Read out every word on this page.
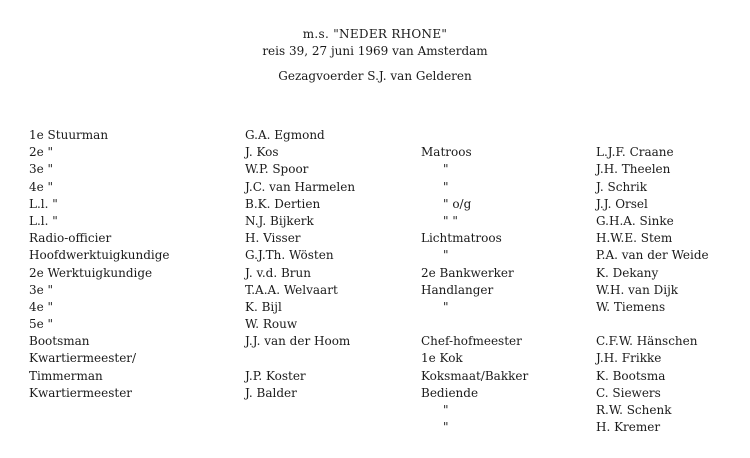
m.s. "NEDER RHONE"
reis 39, 27 juni 1969 van Amsterdam
Gezagvoerder S.J. van Gelderen
1e Stuurman
2e "
3e "
4e "
L.l. "
L.l. "
Radio-officier
Hoofdwerktuigkundige
2e Werktuigkundige
3e "
4e "
5e "
Bootsman
Kwartiermeester/
Timmerman
Kwartiermeester
G.A. Egmond
J. Kos
W.P. Spoor
J.C. van Harmelen
B.K. Dertien
N.J. Bijkerk
H. Visser
G.J.Th. Wösten
J. v.d. Brun
T.A.A. Welvaart
K. Bijl
W. Rouw
J.J. van der Hoom
J.P. Koster
J. Balder
Matroos
"
"
" o/g
" "
Lichtmatroos
"
2e Bankwerker
Handlanger
"
Chef-hofmeester
1e Kok
Koksmaat/Bakker
Bediende
"
"
L.J.F. Craane
J.H. Theelen
J. Schrik
J.J. Orsel
G.H.A. Sinke
H.W.E. Stem
P.A. van der Weide
K. Dekany
W.H. van Dijk
W. Tiemens
C.F.W. Hänschen
J.H. Frikke
K. Bootsma
C. Siewers
R.W. Schenk
H. Kremer
